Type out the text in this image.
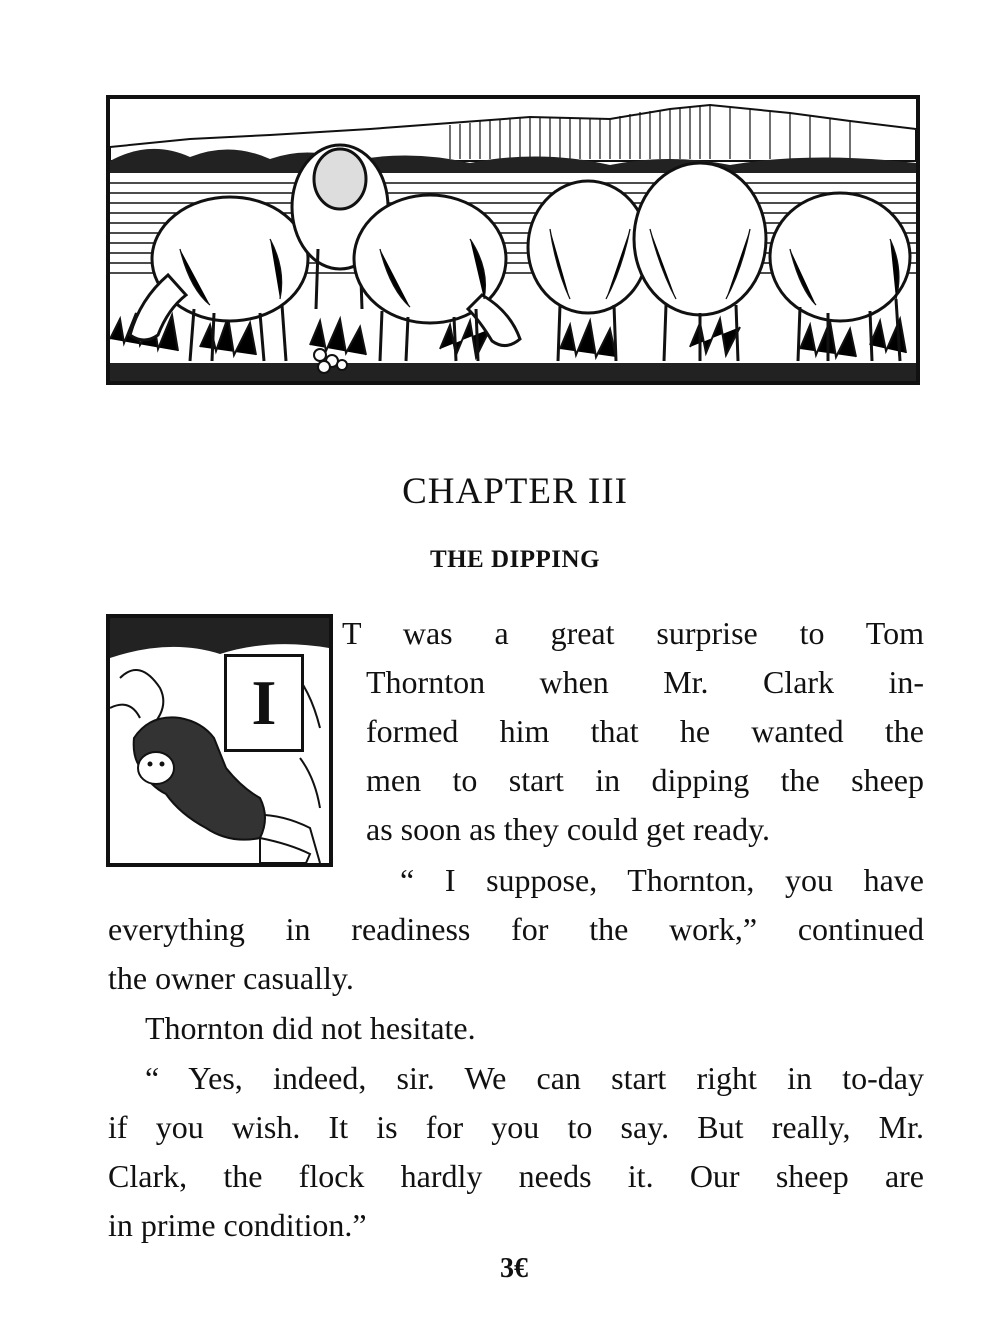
CHAPTER III
THE DIPPING
I
T was a great surprise to Tom
Thornton when Mr. Clark in-
formed him that he wanted the
men to start in dipping the sheep
as soon as they could get ready.
“ I suppose, Thornton, you have
everything in readiness for the work,” continued
the owner casually.
Thornton did not hesitate.
“ Yes, indeed, sir. We can start right in to-day
if you wish. It is for you to say. But really, Mr.
Clark, the flock hardly needs it. Our sheep are
in prime condition.”
3€
